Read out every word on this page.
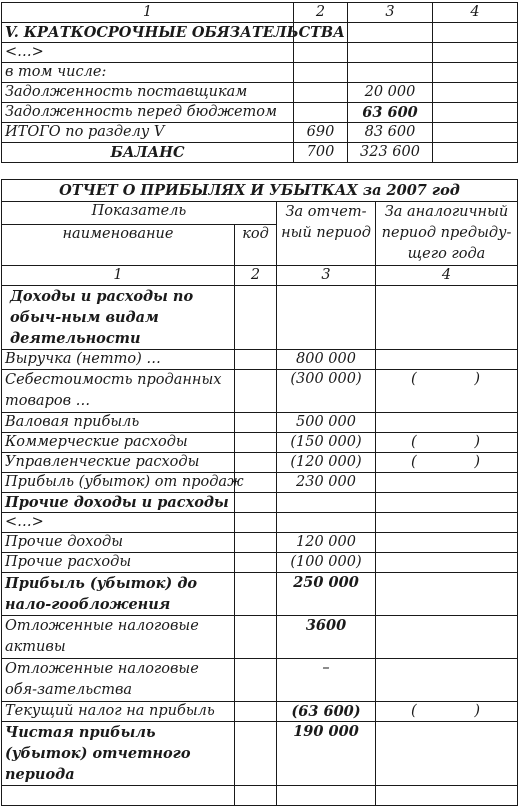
1	2	3	4
V. КРАТКОСРОЧНЫЕ ОБЯЗАТЕЛЬСТВА			
<…>			
в том числе:			
Задолженность поставщикам		20 000	
Задолженность перед бюджетом		63 600	
ИТОГО по разделу V	690	83 600	
БАЛАНС	700	323 600	
ОТЧЕТ О ПРИБЫЛЯХ И УБЫТКАХ за 2007 год			
Показатель		За отчет-ный период	За аналогичный период предыду-щего года
наименование	код		
1	2	3	4
Доходы и расходы по обыч-ным видам деятельности			
Выручка (нетто) …		800 000	
Себестоимость проданных товаров …		(300 000)	( )

Валовая прибыль		500 000	
Коммерческие расходы		(150 000)	( )

Управленческие расходы		(120 000)	( )

Прибыль (убыток) от продаж		230 000	
Прочие доходы и расходы			
<…>			
Прочие доходы		120 000	
Прочие расходы		(100 000)	
Прибыль (убыток) до нало-гообложения		250 000	
Отложенные налоговые активы		3600	
Отложенные налоговые обя-зательства		–	
Текущий налог на прибыль		(63 600)	( )

Чистая прибыль (убыток) отчетного периода		190 000	
